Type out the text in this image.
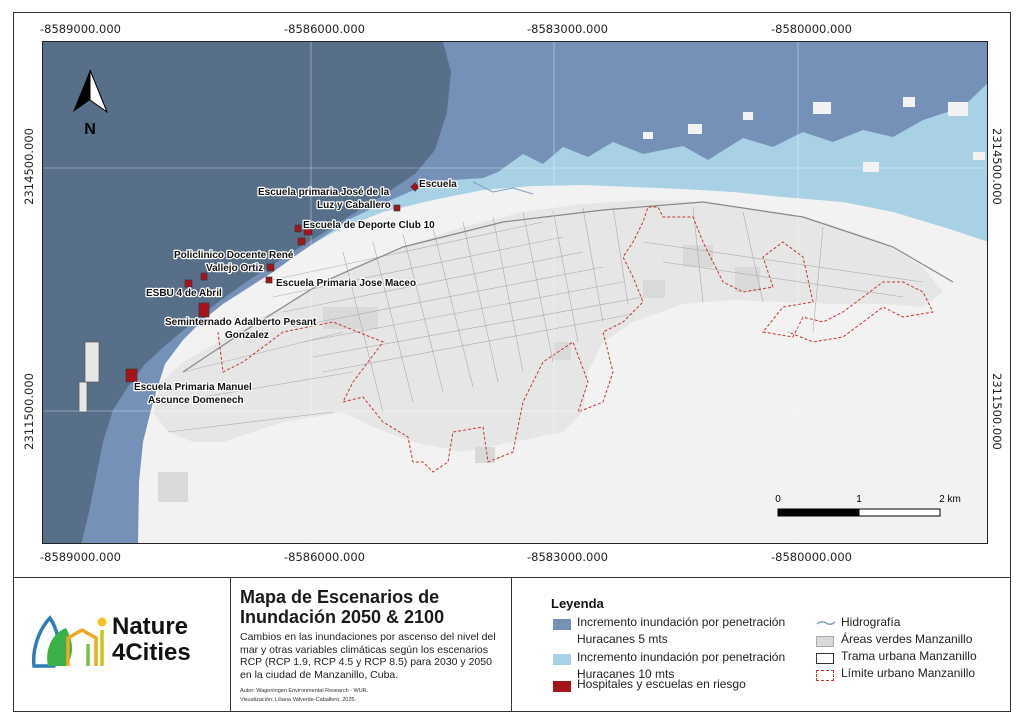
-8589000.000	-8586000.000	-8583000.000	-8580000.000
-8589000.000	-8586000.000	-8583000.000	-8580000.000
2314500.000
2311500.000
2314500.000
2311500.000
Escuela
Escuela primaria José de la
Luz y Caballero
Escuela de Deporte Club 10
Policlinico Docente René
Vallejo Ortiz
Escuela Primaria Jose Maceo
ESBU 4 de Abril
Seminternado Adalberto Pesant
Gonzalez
Escuela Primaria Manuel
Ascunce Domenech
N
0	1	2 km
Nature
4Cities
Mapa de Escenarios de
Inundación 2050 & 2100
Cambios en las inundaciones por ascenso del nivel del mar y otras variables climáticas según los escenarios RCP (RCP 1.9, RCP 4.5 y RCP 8.5) para 2030 y 2050 en la ciudad de Manzanillo, Cuba.
Autor: Wageningen Environmental Research - WUR.
Visualización: Liliana Valverde-Caballero, 2025.
Leyenda
Incremento inundación por penetración
Huracanes 5 mts
Incremento inundación por penetración
Huracanes 10 mts
Hospitales y escuelas en riesgo
Hidrografía
Áreas verdes Manzanillo
Trama urbana Manzanillo
Límite urbano Manzanillo
